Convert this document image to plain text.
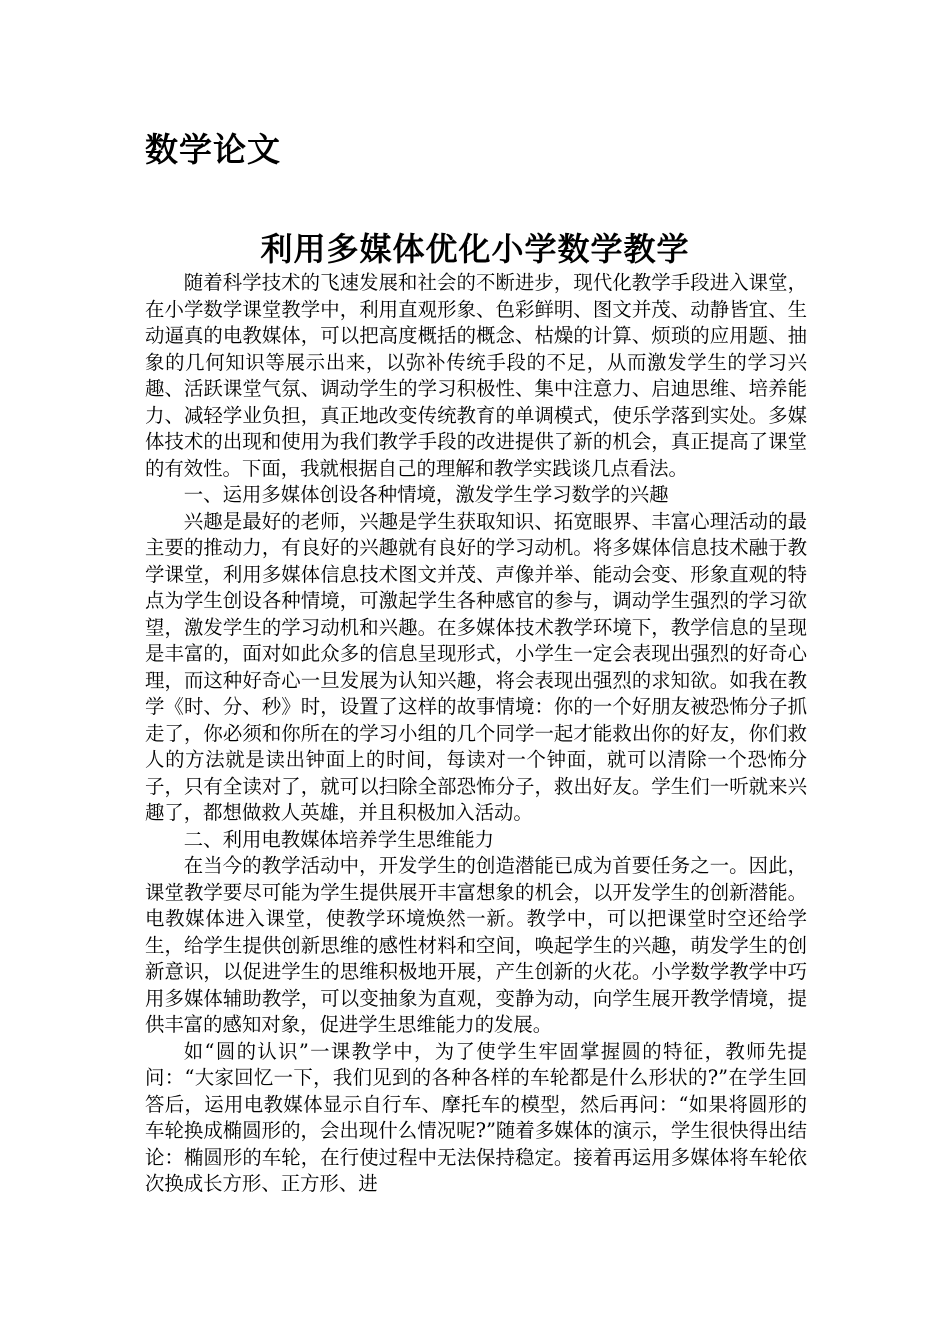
数学论文
利用多媒体优化小学数学教学

随着科学技术的飞速发展和社会的不断进步，现代化教学手段进入课堂，在小学数学课堂教学中，利用直观形象、色彩鲜明、图文并茂、动静皆宜、生动逼真的电教媒体，可以把高度概括的概念、枯燥的计算、烦琐的应用题、抽象的几何知识等展示出来，以弥补传统手段的不足，从而激发学生的学习兴趣、活跃课堂气氛、调动学生的学习积极性、集中注意力、启迪思维、培养能力、减轻学业负担，真正地改变传统教育的单调模式，使乐学落到实处。多媒体技术的出现和使用为我们教学手段的改进提供了新的机会，真正提高了课堂的有效性。下面，我就根据自己的理解和教学实践谈几点看法。

一、运用多媒体创设各种情境，激发学生学习数学的兴趣

兴趣是最好的老师，兴趣是学生获取知识、拓宽眼界、丰富心理活动的最主要的推动力，有良好的兴趣就有良好的学习动机。将多媒体信息技术融于教学课堂，利用多媒体信息技术图文并茂、声像并举、能动会变、形象直观的特点为学生创设各种情境，可激起学生各种感官的参与，调动学生强烈的学习欲望，激发学生的学习动机和兴趣。在多媒体技术教学环境下，教学信息的呈现是丰富的，面对如此众多的信息呈现形式，小学生一定会表现出强烈的好奇心理，而这种好奇心一旦发展为认知兴趣，将会表现出强烈的求知欲。如我在教学《时、分、秒》时，设置了这样的故事情境：你的一个好朋友被恐怖分子抓走了，你必须和你所在的学习小组的几个同学一起才能救出你的好友，你们救人的方法就是读出钟面上的时间，每读对一个钟面，就可以清除一个恐怖分子，只有全读对了，就可以扫除全部恐怖分子，救出好友。学生们一听就来兴趣了，都想做救人英雄，并且积极加入活动。

二、利用电教媒体培养学生思维能力

在当今的教学活动中，开发学生的创造潜能已成为首要任务之一。因此，课堂教学要尽可能为学生提供展开丰富想象的机会，以开发学生的创新潜能。电教媒体进入课堂，使教学环境焕然一新。教学中，可以把课堂时空还给学生，给学生提供创新思维的感性材料和空间，唤起学生的兴趣，萌发学生的创新意识，以促进学生的思维积极地开展，产生创新的火花。小学数学教学中巧用多媒体辅助教学，可以变抽象为直观，变静为动，向学生展开教学情境，提供丰富的感知对象，促进学生思维能力的发展。

如“圆的认识”一课教学中，为了使学生牢固掌握圆的特征，教师先提问：“大家回忆一下，我们见到的各种各样的车轮都是什么形状的?”在学生回答后，运用电教媒体显示自行车、摩托车的模型，然后再问：“如果将圆形的车轮换成椭圆形的，会出现什么情况呢?”随着多媒体的演示，学生很快得出结论：椭圆形的车轮，在行使过程中无法保持稳定。接着再运用多媒体将车轮依次换成长方形、正方形、进
